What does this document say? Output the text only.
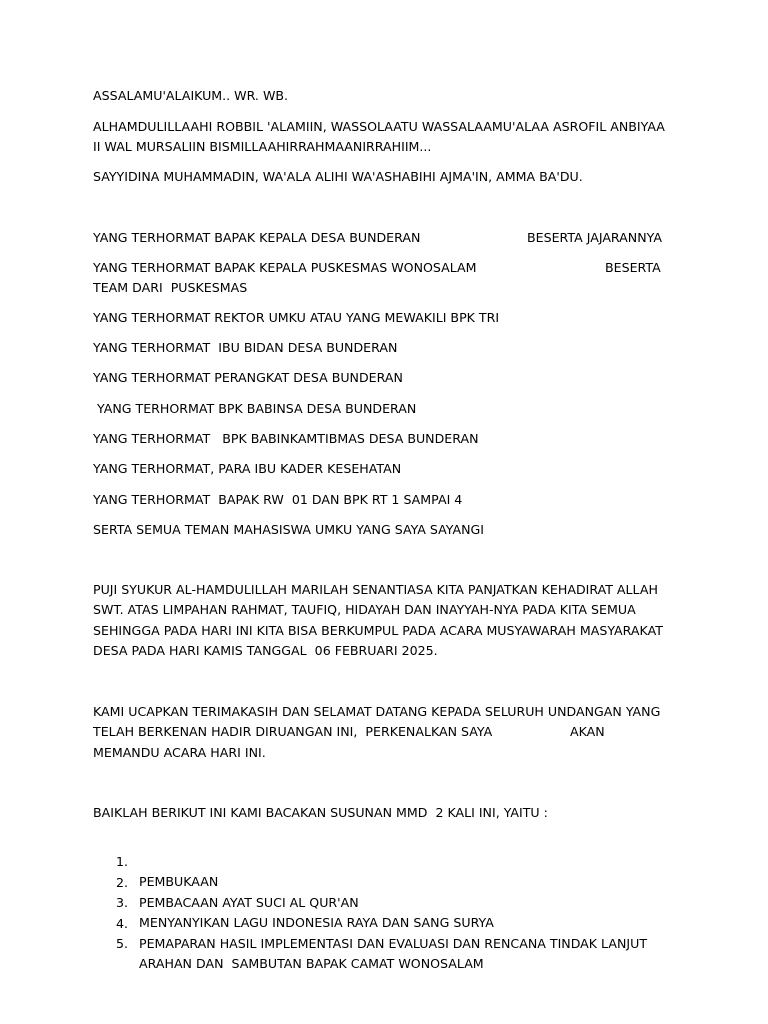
ASSALAMU'ALAIKUM.. WR. WB.
ALHAMDULILLAAHI ROBBIL 'ALAMIIN, WASSOLAATU WASSALAAMU'ALAA ASROFIL ANBIYAA
II WAL MURSALIIN BISMILLAAHIRRAHMAANIRRAHIIM...
SAYYIDINA MUHAMMADIN, WA'ALA ALIHI WA'ASHABIHI AJMA'IN, AMMA BA'DU.
YANG TERHORMAT BAPAK KEPALA DESA BUNDERAN	BESERTA JAJARANNYA
YANG TERHORMAT BAPAK KEPALA PUSKESMAS WONOSALAM	BESERTA
TEAM DARI  PUSKESMAS
YANG TERHORMAT REKTOR UMKU ATAU YANG MEWAKILI BPK TRI
YANG TERHORMAT  IBU BIDAN DESA BUNDERAN
YANG TERHORMAT PERANGKAT DESA BUNDERAN
YANG TERHORMAT BPK BABINSA DESA BUNDERAN
YANG TERHORMAT   BPK BABINKAMTIBMAS DESA BUNDERAN
YANG TERHORMAT, PARA IBU KADER KESEHATAN
YANG TERHORMAT  BAPAK RW  01 DAN BPK RT 1 SAMPAI 4
SERTA SEMUA TEMAN MAHASISWA UMKU YANG SAYA SAYANGI
PUJI SYUKUR AL-HAMDULILLAH MARILAH SENANTIASA KITA PANJATKAN KEHADIRAT ALLAH
SWT. ATAS LIMPAHAN RAHMAT, TAUFIQ, HIDAYAH DAN INAYYAH-NYA PADA KITA SEMUA
SEHINGGA PADA HARI INI KITA BISA BERKUMPUL PADA ACARA MUSYAWARAH MASYARAKAT
DESA PADA HARI KAMIS TANGGAL  06 FEBRUARI 2025.
KAMI UCAPKAN TERIMAKASIH DAN SELAMAT DATANG KEPADA SELURUH UNDANGAN YANG
TELAH BERKENAN HADIR DIRUANGAN INI,  PERKENALKAN SAYA	AKAN
MEMANDU ACARA HARI INI.
BAIKLAH BERIKUT INI KAMI BACAKAN SUSUNAN MMD  2 KALI INI, YAITU :

1.

PEMBUKAAN

2.

PEMBACAAN AYAT SUCI AL QUR'AN

3.

MENYANYIKAN LAGU INDONESIA RAYA DAN SANG SURYA

4.

PEMAPARAN HASIL IMPLEMENTASI DAN EVALUASI DAN RENCANA TINDAK LANJUT

5.

ARAHAN DAN  SAMBUTAN BAPAK CAMAT WONOSALAM
